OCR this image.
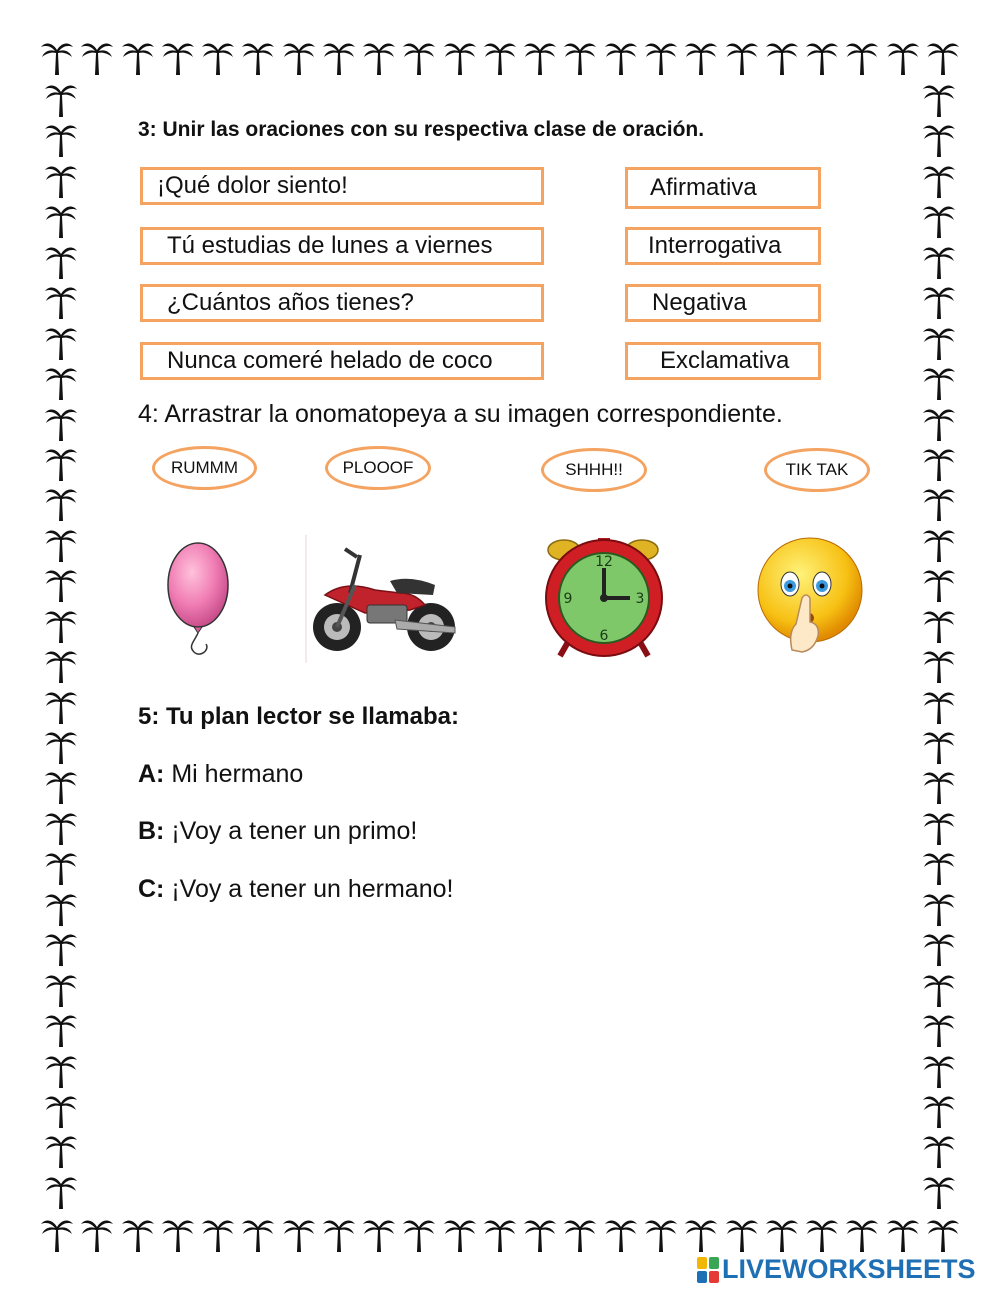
3: Unir las oraciones con su respectiva clase de oración.
¡Qué dolor siento!
Tú estudias de lunes a viernes
¿Cuántos años tienes?
Nunca comeré helado de coco
Afirmativa
Interrogativa
Negativa
Exclamativa
4: Arrastrar la onomatopeya a su imagen correspondiente.
RUMMM	PLOOOF	SHHH!!	TIK TAK
12
3
6
9
5: Tu plan lector se llamaba:
A: Mi hermano
B: ¡Voy a tener un primo!
C: ¡Voy a tener un hermano!
LIVEWORKSHEETS
